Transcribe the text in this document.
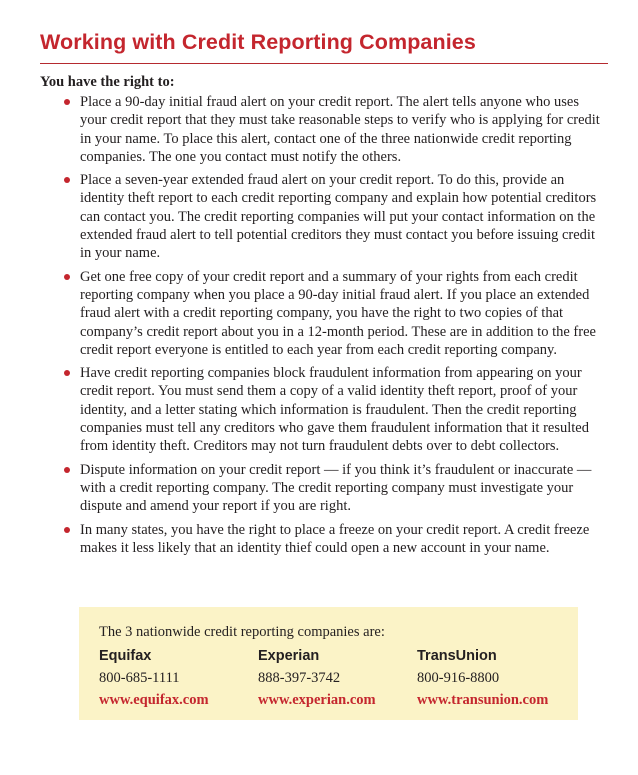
Working with Credit Reporting Companies
You have the right to:
Place a 90-day initial fraud alert on your credit report. The alert tells anyone who uses your credit report that they must take reasonable steps to verify who is applying for credit in your name. To place this alert, contact one of the three nationwide credit reporting companies. The one you contact must notify the others.
Place a seven-year extended fraud alert on your credit report. To do this, provide an identity theft report to each credit reporting company and explain how potential creditors can contact you. The credit reporting companies will put your contact information on the extended fraud alert to tell potential creditors they must contact you before issuing credit in your name.
Get one free copy of your credit report and a summary of your rights from each credit reporting company when you place a 90-day initial fraud alert. If you place an extended fraud alert with a credit reporting company, you have the right to two copies of that company’s credit report about you in a 12-month period. These are in addition to the free credit report everyone is entitled to each year from each credit reporting company.
Have credit reporting companies block fraudulent information from appearing on your credit report. You must send them a copy of a valid identity theft report, proof of your identity, and a letter stating which information is fraudulent. Then the credit reporting companies must tell any creditors who gave them fraudulent information that it resulted from identity theft. Creditors may not turn fraudulent debts over to debt collectors.
Dispute information on your credit report — if you think it’s fraudulent or inaccurate — with a credit reporting company. The credit reporting company must investigate your dispute and amend your report if you are right.
In many states, you have the right to place a freeze on your credit report. A credit freeze makes it less likely that an identity thief could open a new account in your name.
The 3 nationwide credit reporting companies are:
Equifax
800-685-1111
www.equifax.com
Experian
888-397-3742
www.experian.com
TransUnion
800-916-8800
www.transunion.com
